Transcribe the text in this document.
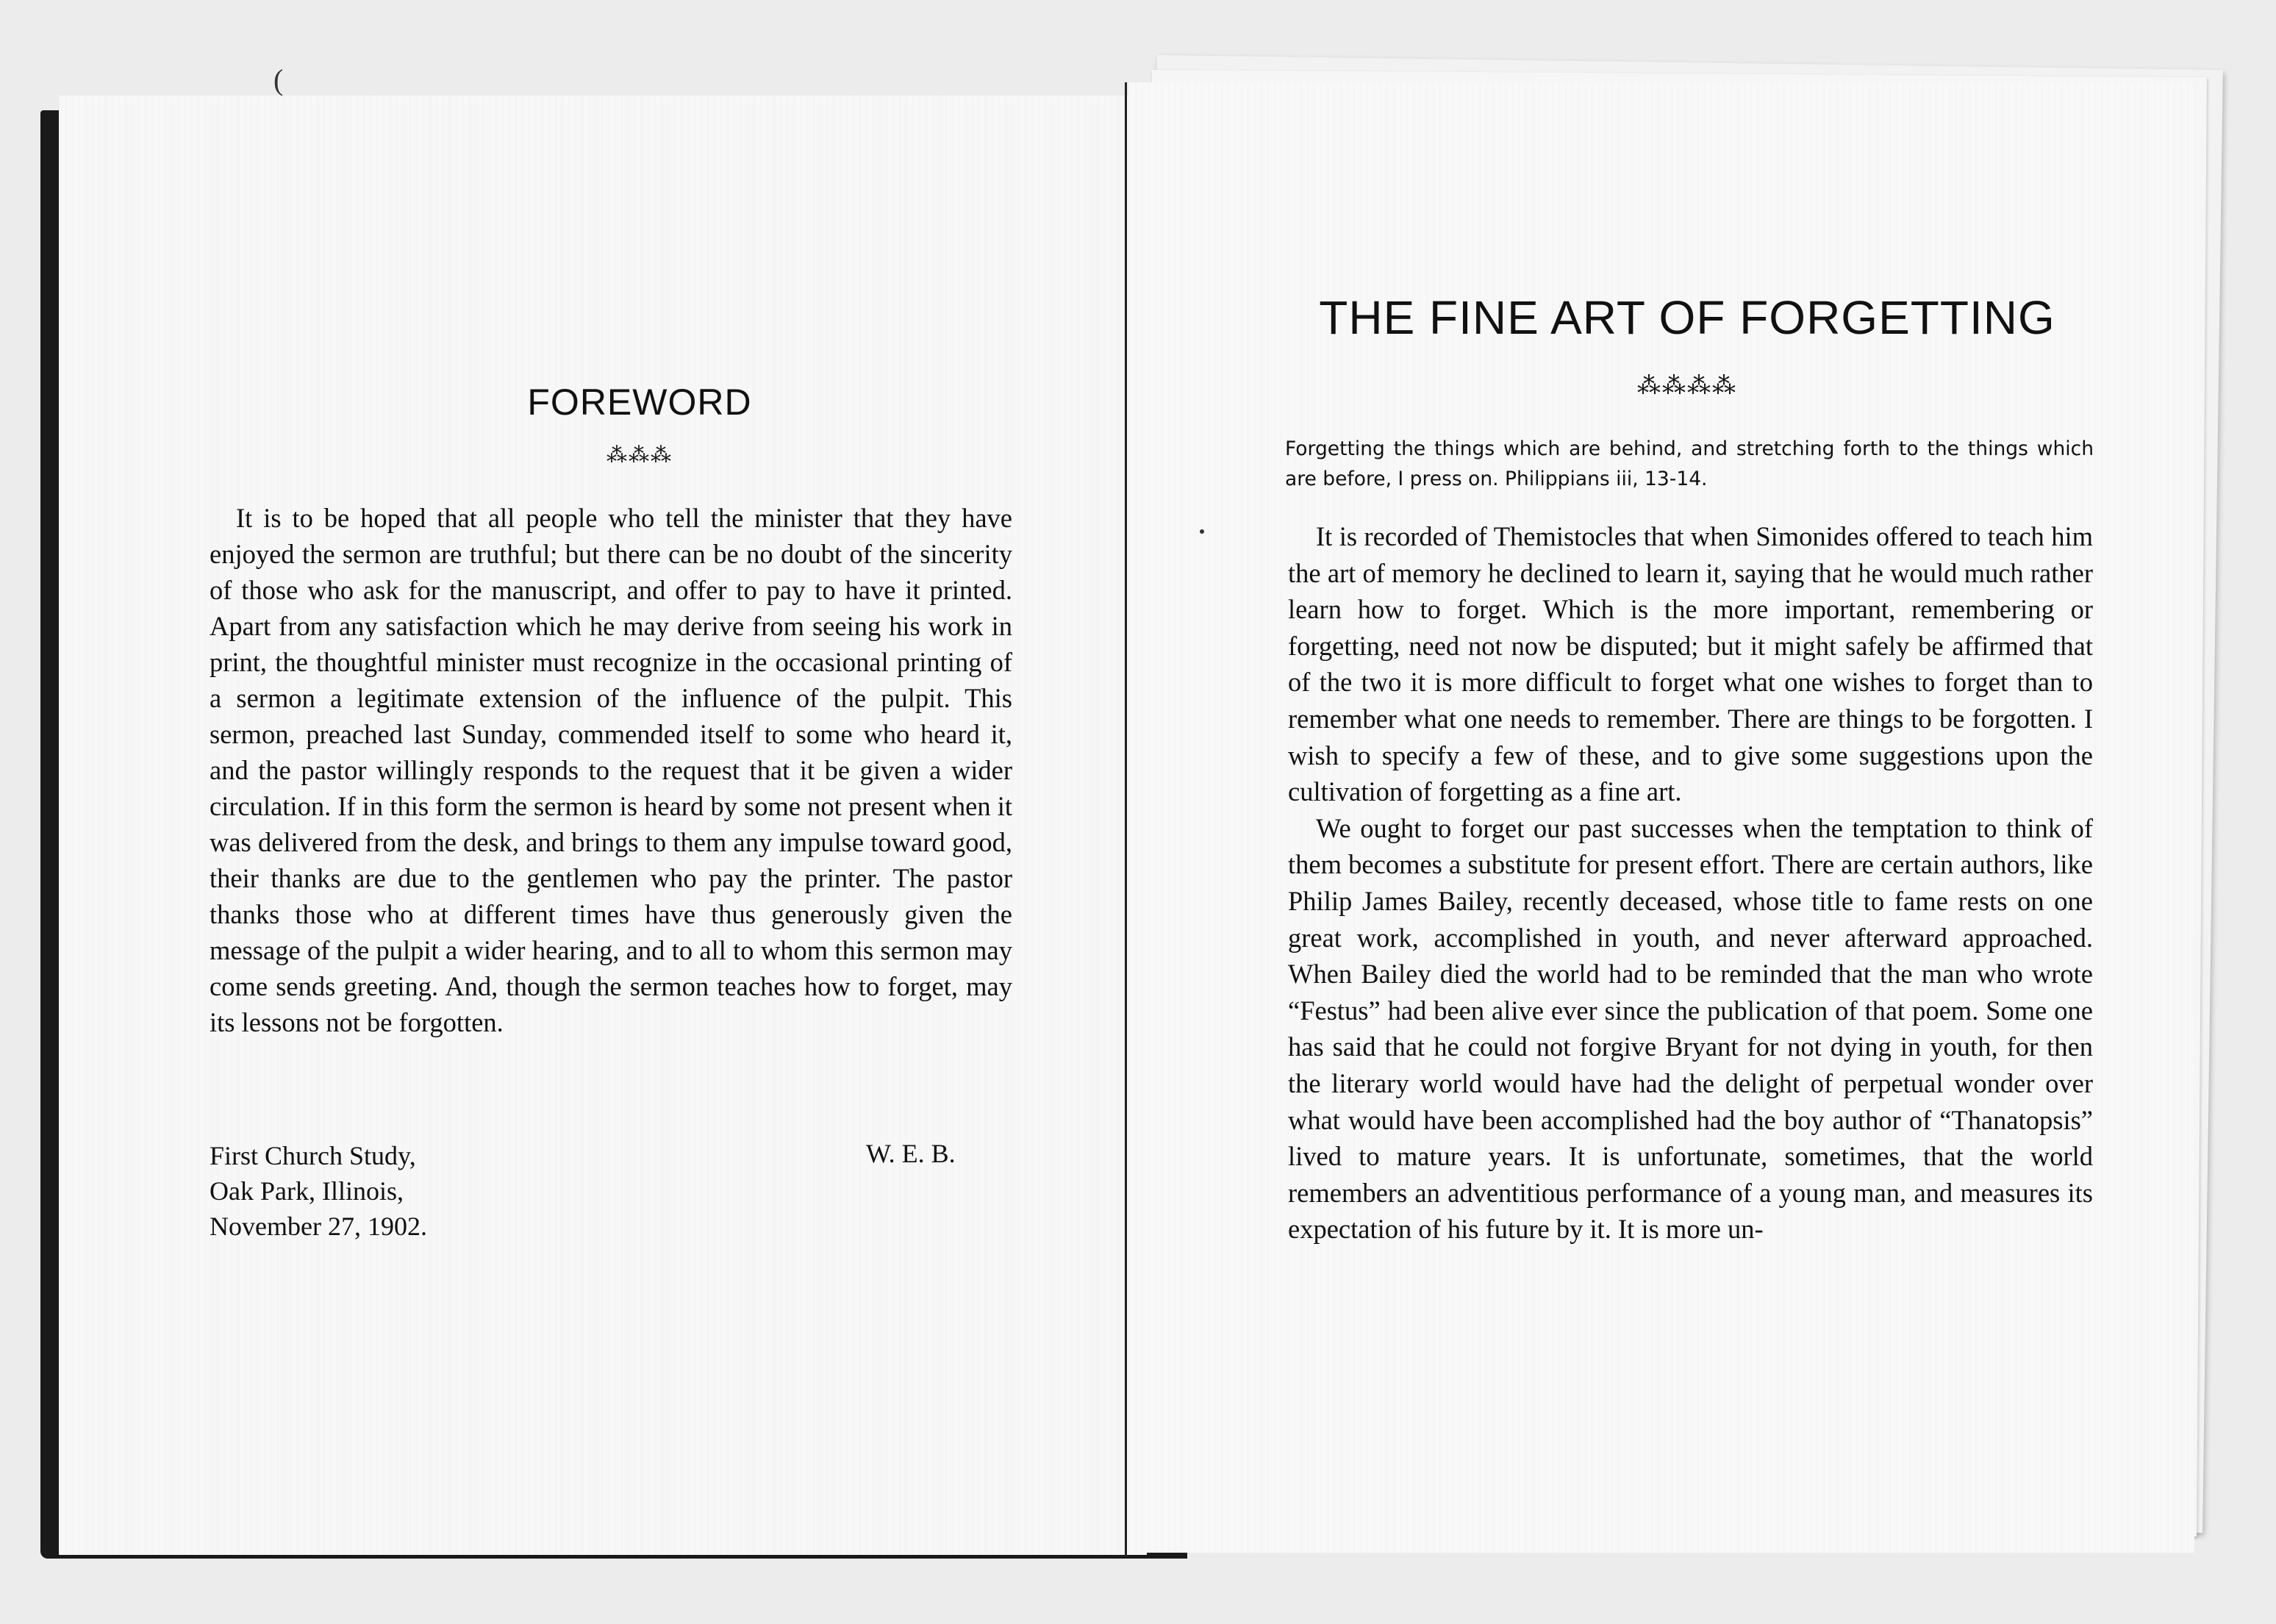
(
FOREWORD
⁂⁂⁂
It is to be hoped that all people who tell the minister that they have enjoyed the sermon are truthful; but there can be no doubt of the sincerity of those who ask for the manuscript, and offer to pay to have it printed. Apart from any satisfaction which he may derive from seeing his work in print, the thoughtful minister must recognize in the occasional printing of a sermon a legitimate extension of the influence of the pulpit. This sermon, preached last Sunday, commended itself to some who heard it, and the pastor willingly responds to the request that it be given a wider circulation. If in this form the sermon is heard by some not present when it was delivered from the desk, and brings to them any impulse toward good, their thanks are due to the gentlemen who pay the printer. The pastor thanks those who at different times have thus generously given the message of the pulpit a wider hearing, and to all to whom this sermon may come sends greeting. And, though the sermon teaches how to forget, may its lessons not be forgotten.
First Church Study,
Oak Park, Illinois,
November 27, 1902.
W. E. B.
THE FINE ART OF FORGETTING
⁂⁂⁂⁂
Forgetting the things which are behind, and stretching forth to the things which are before, I press on. Philippians iii, 13-14.

It is recorded of Themistocles that when Simonides offered to teach him the art of memory he declined to learn it, saying that he would much rather learn how to forget. Which is the more important, remembering or forgetting, need not now be disputed; but it might safely be affirmed that of the two it is more difficult to forget what one wishes to forget than to remember what one needs to remember. There are things to be forgotten. I wish to specify a few of these, and to give some suggestions upon the cultivation of forgetting as a fine art.

We ought to forget our past successes when the temptation to think of them becomes a substitute for present effort. There are certain authors, like Philip James Bailey, recently deceased, whose title to fame rests on one great work, accomplished in youth, and never afterward approached. When Bailey died the world had to be reminded that the man who wrote “Festus” had been alive ever since the publication of that poem. Some one has said that he could not forgive Bryant for not dying in youth, for then the literary world would have had the delight of perpetual wonder over what would have been accomplished had the boy author of “Thanatopsis” lived to mature years. It is unfortunate, sometimes, that the world remembers an adventitious performance of a young man, and measures its expectation of his future by it. It is more un-
